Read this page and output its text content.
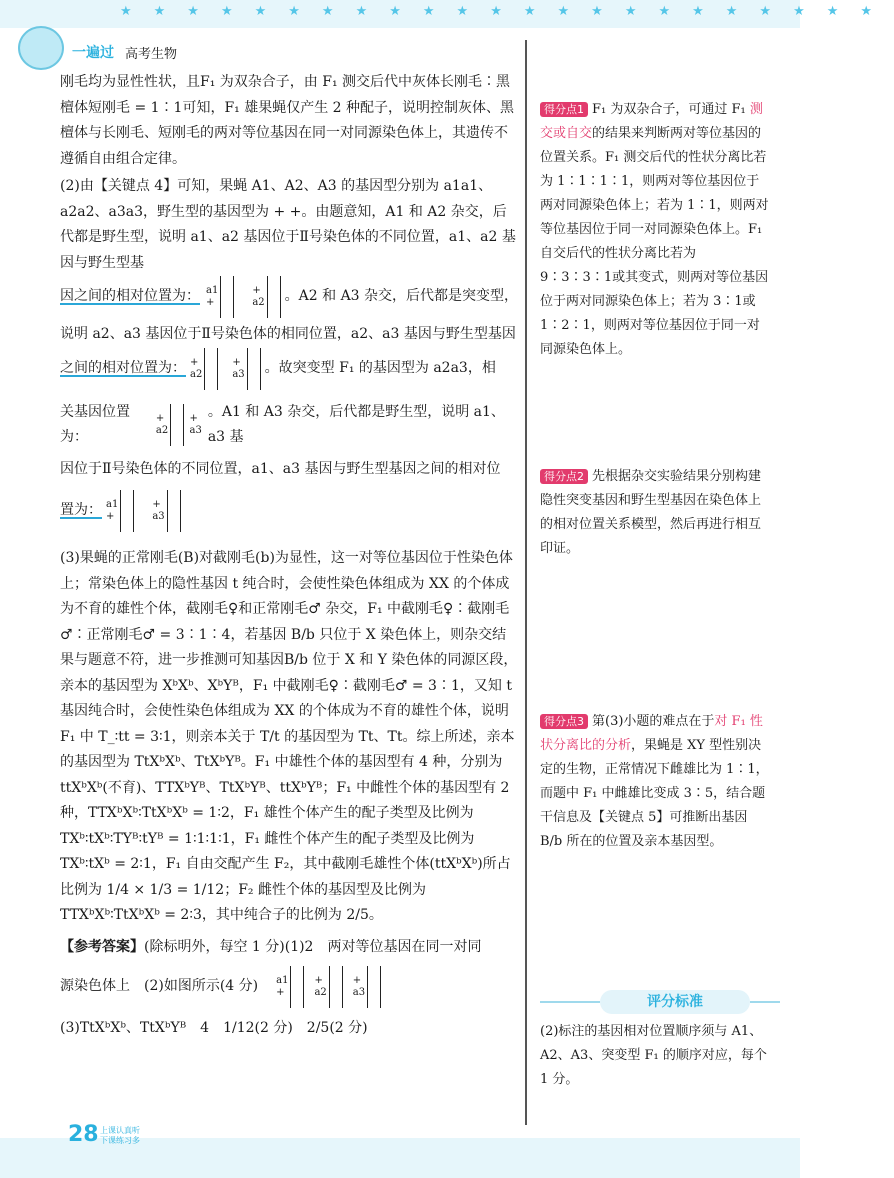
★★★★★★★★★★★★★★★★★★★★★★★
一遍过 高考生物

刚毛均为显性性状，且F₁ 为双杂合子，由 F₁ 测交后代中灰体长刚毛∶黑檀体短刚毛 = 1∶1可知，F₁ 雄果蝇仅产生 2 种配子，说明控制灰体、黑檀体与长刚毛、短刚毛的两对等位基因在同一对同源染色体上，其遗传不遵循自由组合定律。

(2)由【关键点 4】可知，果蝇 A1、A2、A3 的基因型分别为 a1a1、a2a2、a3a3，野生型的基因型为 + +。由题意知，A1 和 A2 杂交，后代都是野生型，说明 a1、a2 基因位于Ⅱ号染色体的不同位置，a1、a2 基因与野生型基

因之间的相对位置为： a1
+
+
a2 。A2 和 A3 杂交，后代都是突变型，

说明 a2、a3 基因位于Ⅱ号染色体的相同位置，a2、a3 基因与野生型基因

之间的相对位置为： +
a2
+
a3 。故突变型 F₁ 的基因型为 a2a3，相

关基因位置为：
+
a2
+
a3
。A1 和 A3 杂交，后代都是野生型，说明 a1、a3 基

因位于Ⅱ号染色体的不同位置，a1、a3 基因与野生型基因之间的相对位

置为： a1
+
+
a3

(3)果蝇的正常刚毛(B)对截刚毛(b)为显性，这一对等位基因位于性染色体上；常染色体上的隐性基因 t 纯合时，会使性染色体组成为 XX 的个体成为不育的雄性个体，截刚毛♀和正常刚毛♂ 杂交，F₁ 中截刚毛♀∶截刚毛♂∶正常刚毛♂ = 3∶1∶4，若基因 B/b 只位于 X 染色体上，则杂交结果与题意不符，进一步推测可知基因B/b 位于 X 和 Y 染色体的同源区段，亲本的基因型为 XᵇXᵇ、XᵇYᴮ，F₁ 中截刚毛♀∶截刚毛♂ = 3∶1，又知 t 基因纯合时，会使性染色体组成为 XX 的个体成为不育的雄性个体，说明 F₁ 中 T_∶tt = 3∶1，则亲本关于 T/t 的基因型为 Tt、Tt。综上所述，亲本的基因型为 TtXᵇXᵇ、TtXᵇYᴮ。F₁ 中雄性个体的基因型有 4 种，分别为 ttXᵇXᵇ(不育)、TTXᵇYᴮ、TtXᵇYᴮ、ttXᵇYᴮ；F₁ 中雌性个体的基因型有 2 种，TTXᵇXᵇ∶TtXᵇXᵇ = 1∶2，F₁ 雄性个体产生的配子类型及比例为 TXᵇ∶tXᵇ∶TYᴮ∶tYᴮ = 1∶1∶1∶1，F₁ 雌性个体产生的配子类型及比例为 TXᵇ∶tXᵇ = 2∶1，F₁ 自由交配产生 F₂，其中截刚毛雄性个体(ttXᵇXᵇ)所占比例为 1/4 × 1/3 = 1/12；F₂ 雌性个体的基因型及比例为 TTXᵇXᵇ∶TtXᵇXᵇ = 2∶3，其中纯合子的比例为 2/5。

【参考答案】(除标明外，每空 1 分)(1)2　两对等位基因在同一对同

源染色体上　(2)如图所示(4 分) a1
+
+
a2
+
a3

(3)TtXᵇXᵇ、TtXᵇYᴮ　4　1/12(2 分)　2/5(2 分)

得分点1 F₁ 为双杂合子，可通过 F₁ 测交或自交的结果来判断两对等位基因的位置关系。F₁ 测交后代的性状分离比若为 1∶1∶1∶1，则两对等位基因位于两对同源染色体上；若为 1∶1，则两对等位基因位于同一对同源染色体上。F₁ 自交后代的性状分离比若为 9∶3∶3∶1或其变式，则两对等位基因位于两对同源染色体上；若为 3∶1或 1∶2∶1，则两对等位基因位于同一对同源染色体上。
得分点2 先根据杂交实验结果分别构建隐性突变基因和野生型基因在染色体上的相对位置关系模型，然后再进行相互印证。
得分点3 第(3)小题的难点在于对 F₁ 性状分离比的分析，果蝇是 XY 型性别决定的生物，正常情况下雌雄比为 1∶1，而题中 F₁ 中雌雄比变成 3∶5，结合题干信息及【关键点 5】可推断出基因 B/b 所在的位置及亲本基因型。
评分标准
(2)标注的基因相对位置顺序须与 A1、A2、A3、突变型 F₁ 的顺序对应，每个 1 分。
28 上课认真听
下课练习多
